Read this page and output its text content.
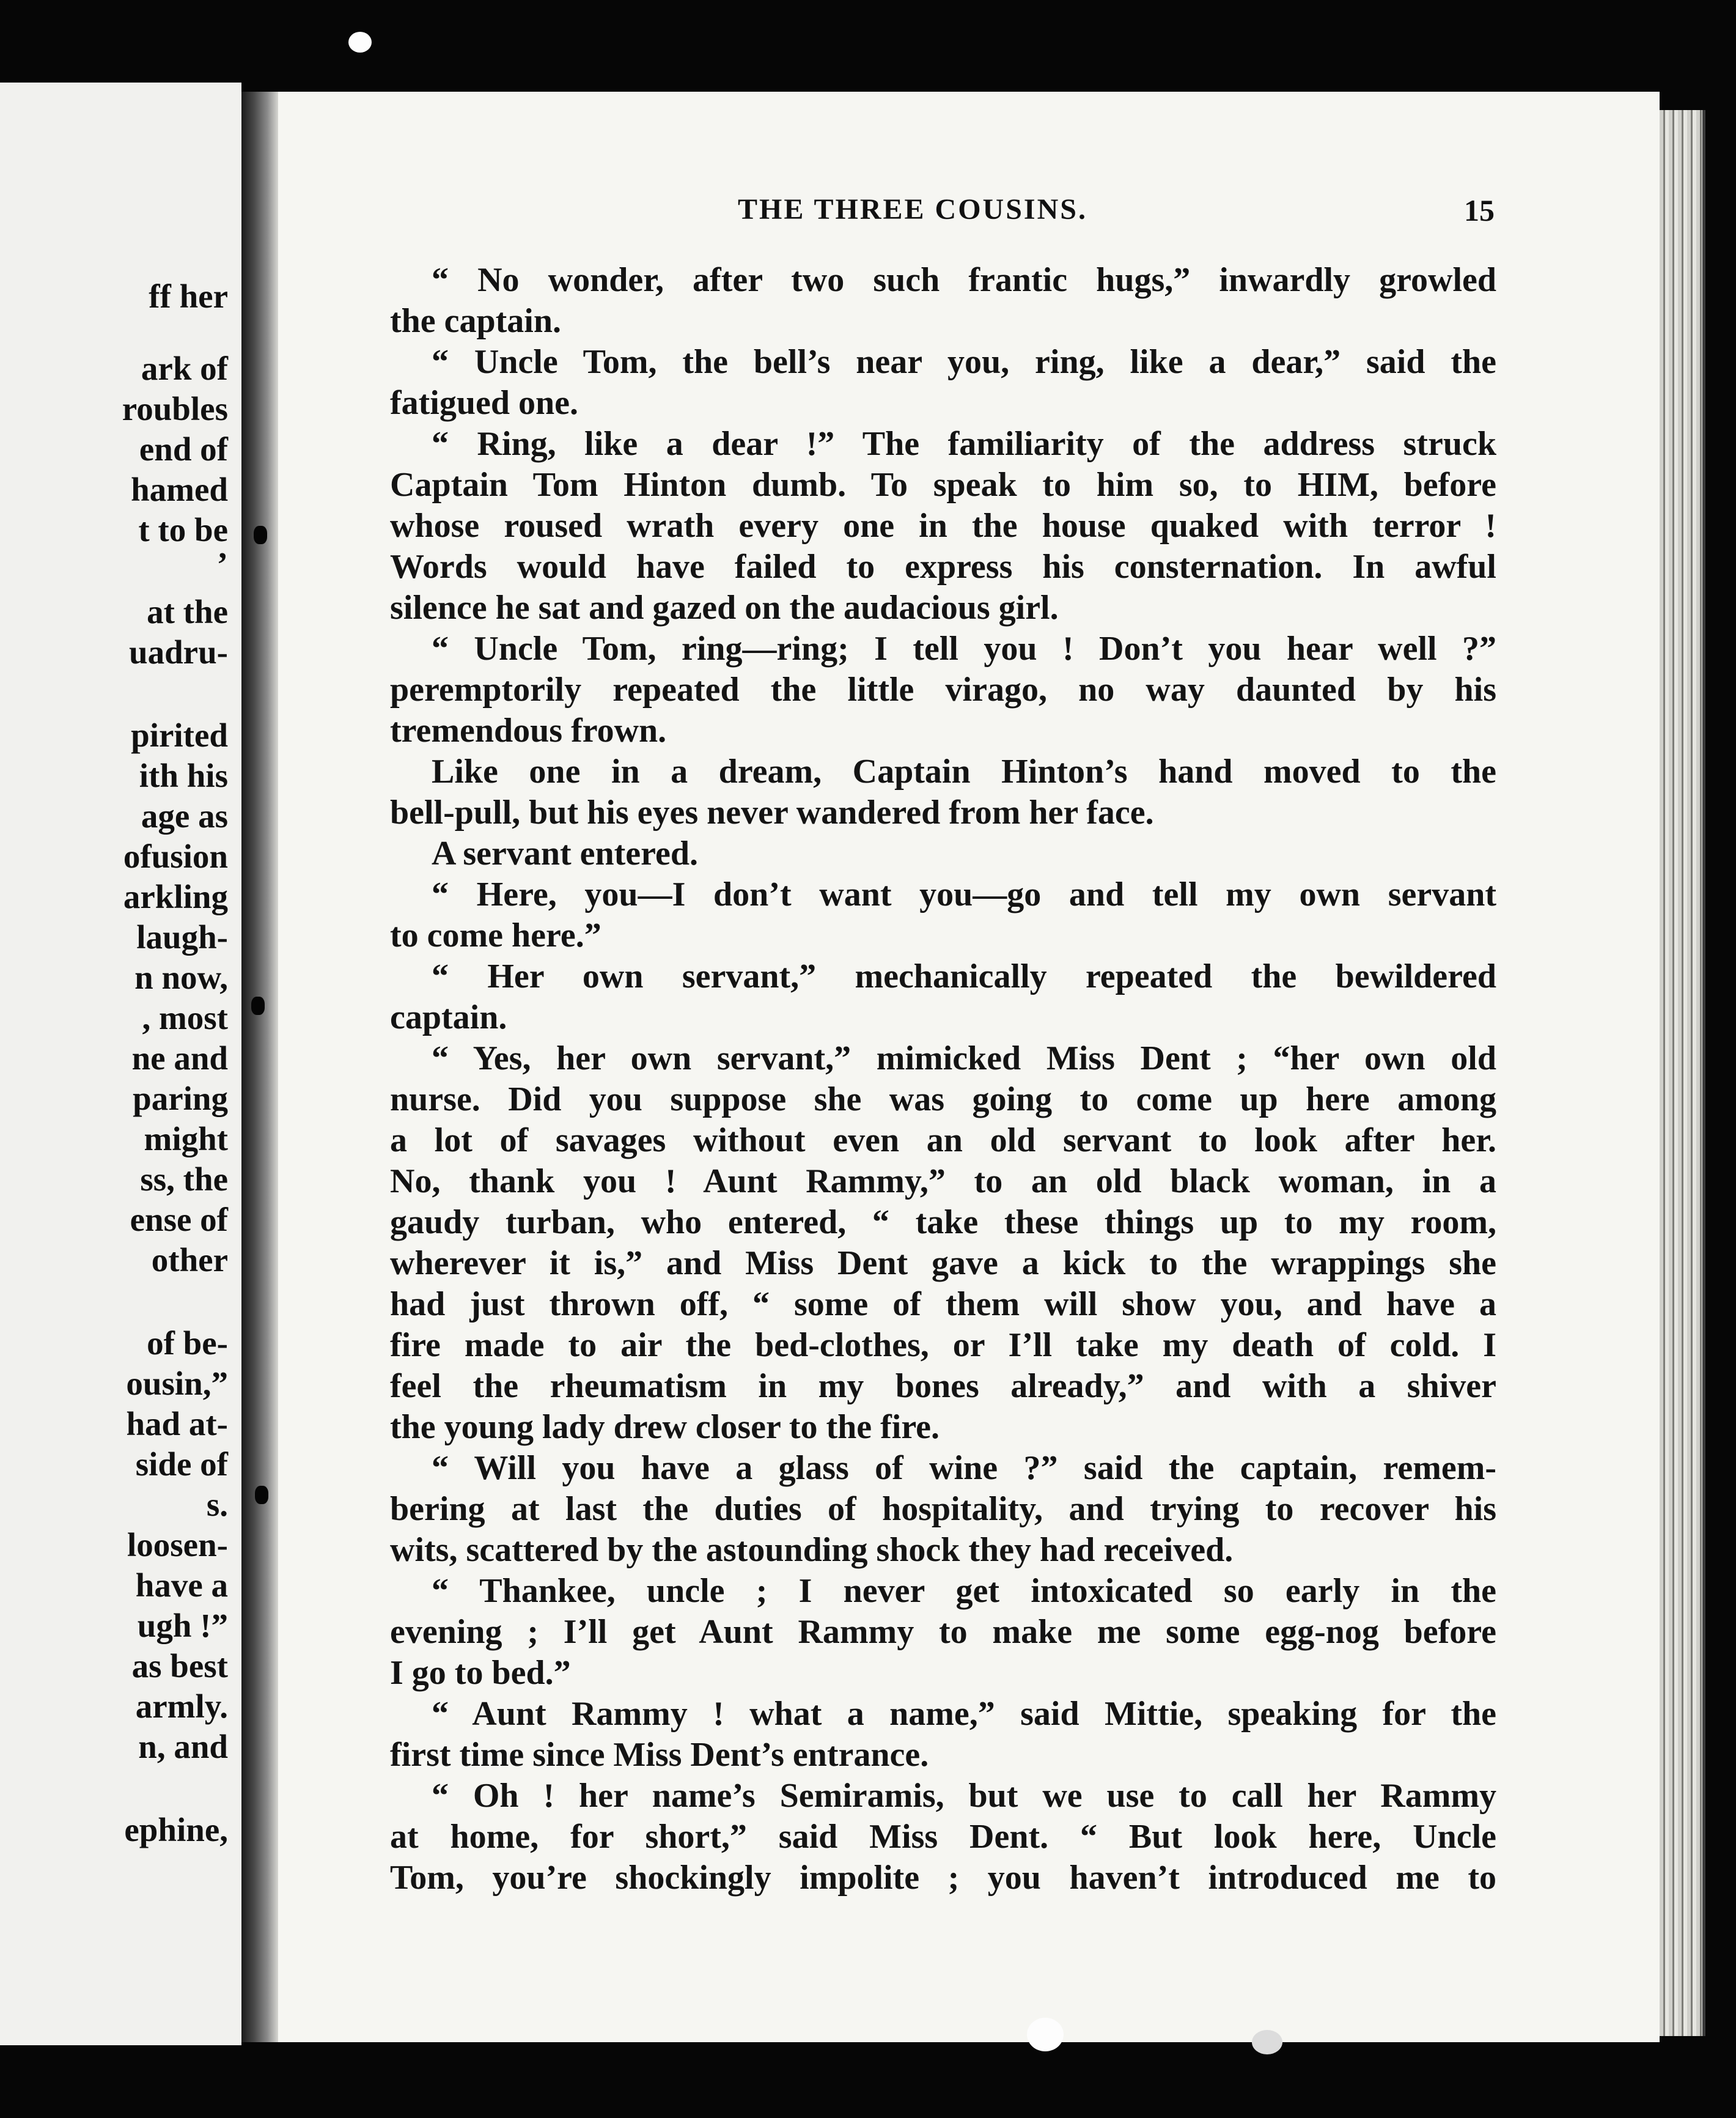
ff her

ark of

roubles

end of

hamed

t to be

’

at the

uadru-

pirited

ith his

age as

ofusion

arkling

laugh-

n now,

, most

ne and

paring

might

ss, the

ense of

other

of be-

ousin,”

had at-

side of

s.

loosen-

have a

ugh !”

as best

armly.

n, and

ephine,

THE THREE COUSINS.	15

“ No wonder, after two such frantic hugs,” inwardly growled

the captain.

“ Uncle Tom, the bell’s near you, ring, like a dear,” said the

fatigued one.

“ Ring, like a dear !” The familiarity of the address struck

Captain Tom Hinton dumb. To speak to him so, to HIM, before

whose roused wrath every one in the house quaked with terror !

Words would have failed to express his consternation. In awful

silence he sat and gazed on the audacious girl.

“ Uncle Tom, ring—ring; I tell you ! Don’t you hear well ?”

peremptorily repeated the little virago, no way daunted by his

tremendous frown.

Like one in a dream, Captain Hinton’s hand moved to the

bell-pull, but his eyes never wandered from her face.

A servant entered.

“ Here, you—I don’t want you—go and tell my own servant

to come here.”

“ Her own servant,” mechanically repeated the bewildered

captain.

“ Yes, her own servant,” mimicked Miss Dent ; “her own old

nurse. Did you suppose she was going to come up here among

a lot of savages without even an old servant to look after her.

No, thank you ! Aunt Rammy,” to an old black woman, in a

gaudy turban, who entered, “ take these things up to my room,

wherever it is,” and Miss Dent gave a kick to the wrappings she

had just thrown off, “ some of them will show you, and have a

fire made to air the bed-clothes, or I’ll take my death of cold. I

feel the rheumatism in my bones already,” and with a shiver

the young lady drew closer to the fire.

“ Will you have a glass of wine ?” said the captain, remem-

bering at last the duties of hospitality, and trying to recover his

wits, scattered by the astounding shock they had received.

“ Thankee, uncle ; I never get intoxicated so early in the

evening ; I’ll get Aunt Rammy to make me some egg-nog before

I go to bed.”

“ Aunt Rammy ! what a name,” said Mittie, speaking for the

first time since Miss Dent’s entrance.

“ Oh ! her name’s Semiramis, but we use to call her Rammy

at home, for short,” said Miss Dent. “ But look here, Uncle

Tom, you’re shockingly impolite ; you haven’t introduced me to
